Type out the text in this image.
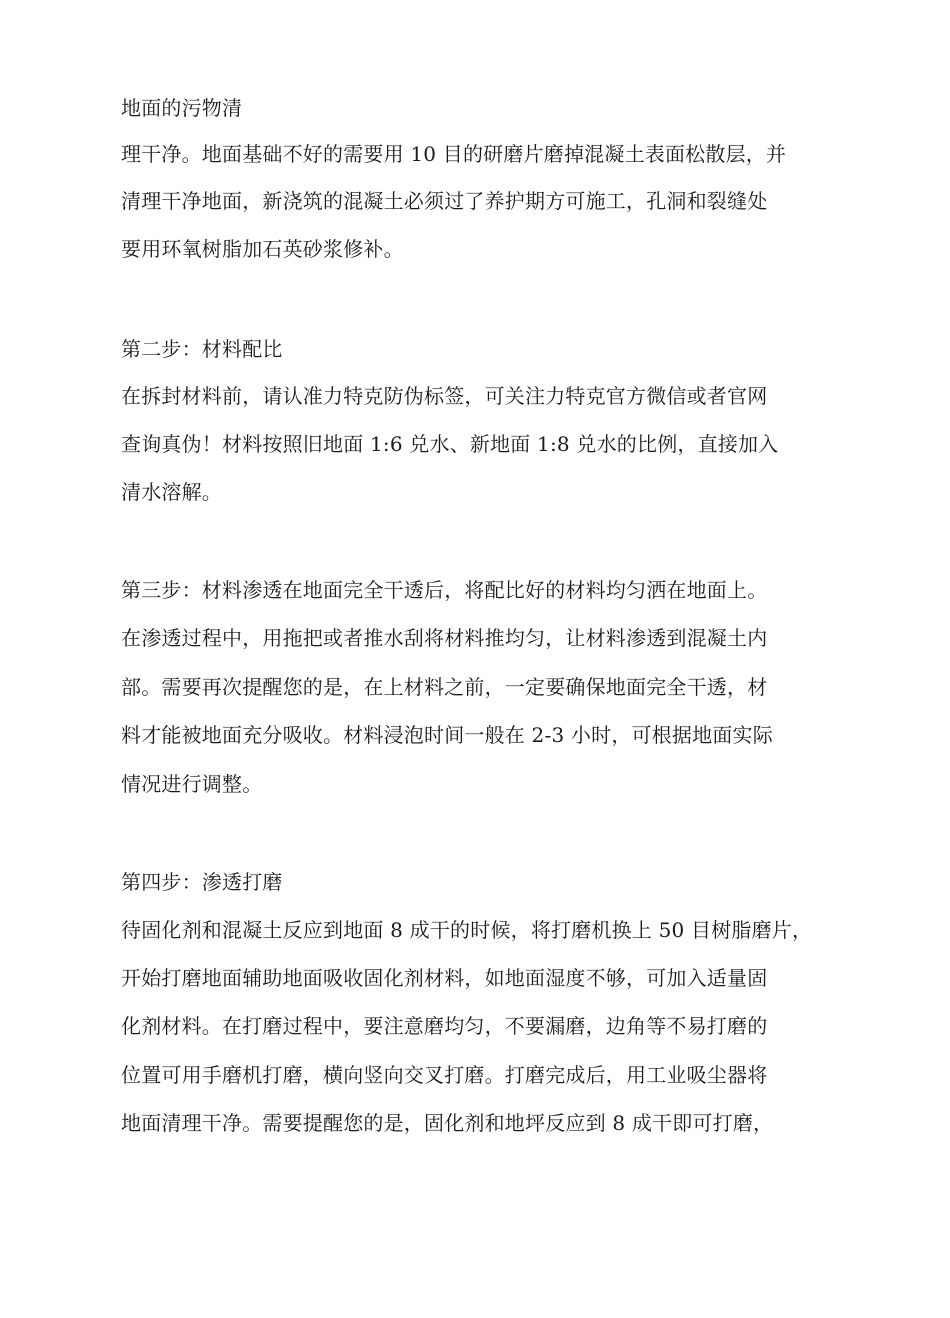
地面的污物清
理干净。地面基础不好的需要用 10 目的研磨片磨掉混凝土表面松散层，并
清理干净地面，新浇筑的混凝土必须过了养护期方可施工，孔洞和裂缝处
要用环氧树脂加石英砂浆修补。
第二步：材料配比
在拆封材料前，请认准力特克防伪标签，可关注力特克官方微信或者官网
查询真伪！材料按照旧地面 1:6 兑水、新地面 1:8 兑水的比例，直接加入
清水溶解。
第三步：材料渗透在地面完全干透后，将配比好的材料均匀洒在地面上。
在渗透过程中，用拖把或者推水刮将材料推均匀，让材料渗透到混凝土内
部。需要再次提醒您的是，在上材料之前，一定要确保地面完全干透，材
料才能被地面充分吸收。材料浸泡时间一般在 2-3 小时，可根据地面实际
情况进行调整。
第四步：渗透打磨
待固化剂和混凝土反应到地面 8 成干的时候，将打磨机换上 50 目树脂磨片，
开始打磨地面辅助地面吸收固化剂材料，如地面湿度不够，可加入适量固
化剂材料。在打磨过程中，要注意磨均匀，不要漏磨，边角等不易打磨的
位置可用手磨机打磨，横向竖向交叉打磨。打磨完成后，用工业吸尘器将
地面清理干净。需要提醒您的是，固化剂和地坪反应到 8 成干即可打磨，
